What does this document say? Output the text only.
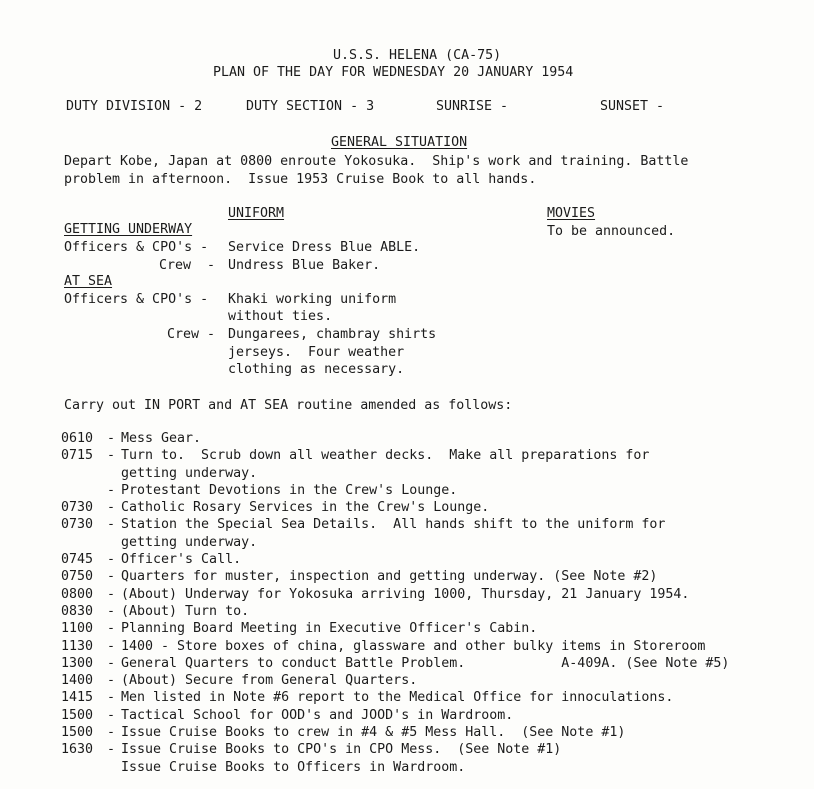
U.S.S. HELENA (CA-75)
PLAN OF THE DAY FOR WEDNESDAY 20 JANUARY 1954
DUTY DIVISION - 2	DUTY SECTION - 3	SUNRISE -	SUNSET -
GENERAL SITUATION
Depart Kobe, Japan at 0800 enroute Yokosuka.  Ship's work and training. Battle
problem in afternoon.  Issue 1953 Cruise Book to all hands.
UNIFORM
GETTING UNDERWAY
Officers & CPO's - Service Dress Blue ABLE.
Crew  - Undress Blue Baker.
AT SEA
Officers & CPO's - Khaki working uniform
without ties.
Crew - Dungarees, chambray shirts
jerseys.  Four weather
clothing as necessary.
MOVIES
To be announced.
Carry out IN PORT and AT SEA routine amended as follows:
0610	- Mess Gear.
0715	- Turn to.  Scrub down all weather decks.  Make all preparations for
getting underway.
- Protestant Devotions in the Crew's Lounge.
0730	- Catholic Rosary Services in the Crew's Lounge.
0730	- Station the Special Sea Details.  All hands shift to the uniform for
getting underway.
0745	- Officer's Call.
0750	- Quarters for muster, inspection and getting underway. (See Note #2)
0800	- (About) Underway for Yokosuka arriving 1000, Thursday, 21 January 1954.
0830	- (About) Turn to.
1100	- Planning Board Meeting in Executive Officer's Cabin.
1130	- 1400 - Store boxes of china, glassware and other bulky items in Storeroom
1300	- General Quarters to conduct Battle Problem.            A-409A. (See Note #5)
1400	- (About) Secure from General Quarters.
1415	- Men listed in Note #6 report to the Medical Office for innoculations.
1500	- Tactical School for OOD's and JOOD's in Wardroom.
1500	- Issue Cruise Books to crew in #4 & #5 Mess Hall.  (See Note #1)
1630	- Issue Cruise Books to CPO's in CPO Mess.  (See Note #1)
Issue Cruise Books to Officers in Wardroom.
